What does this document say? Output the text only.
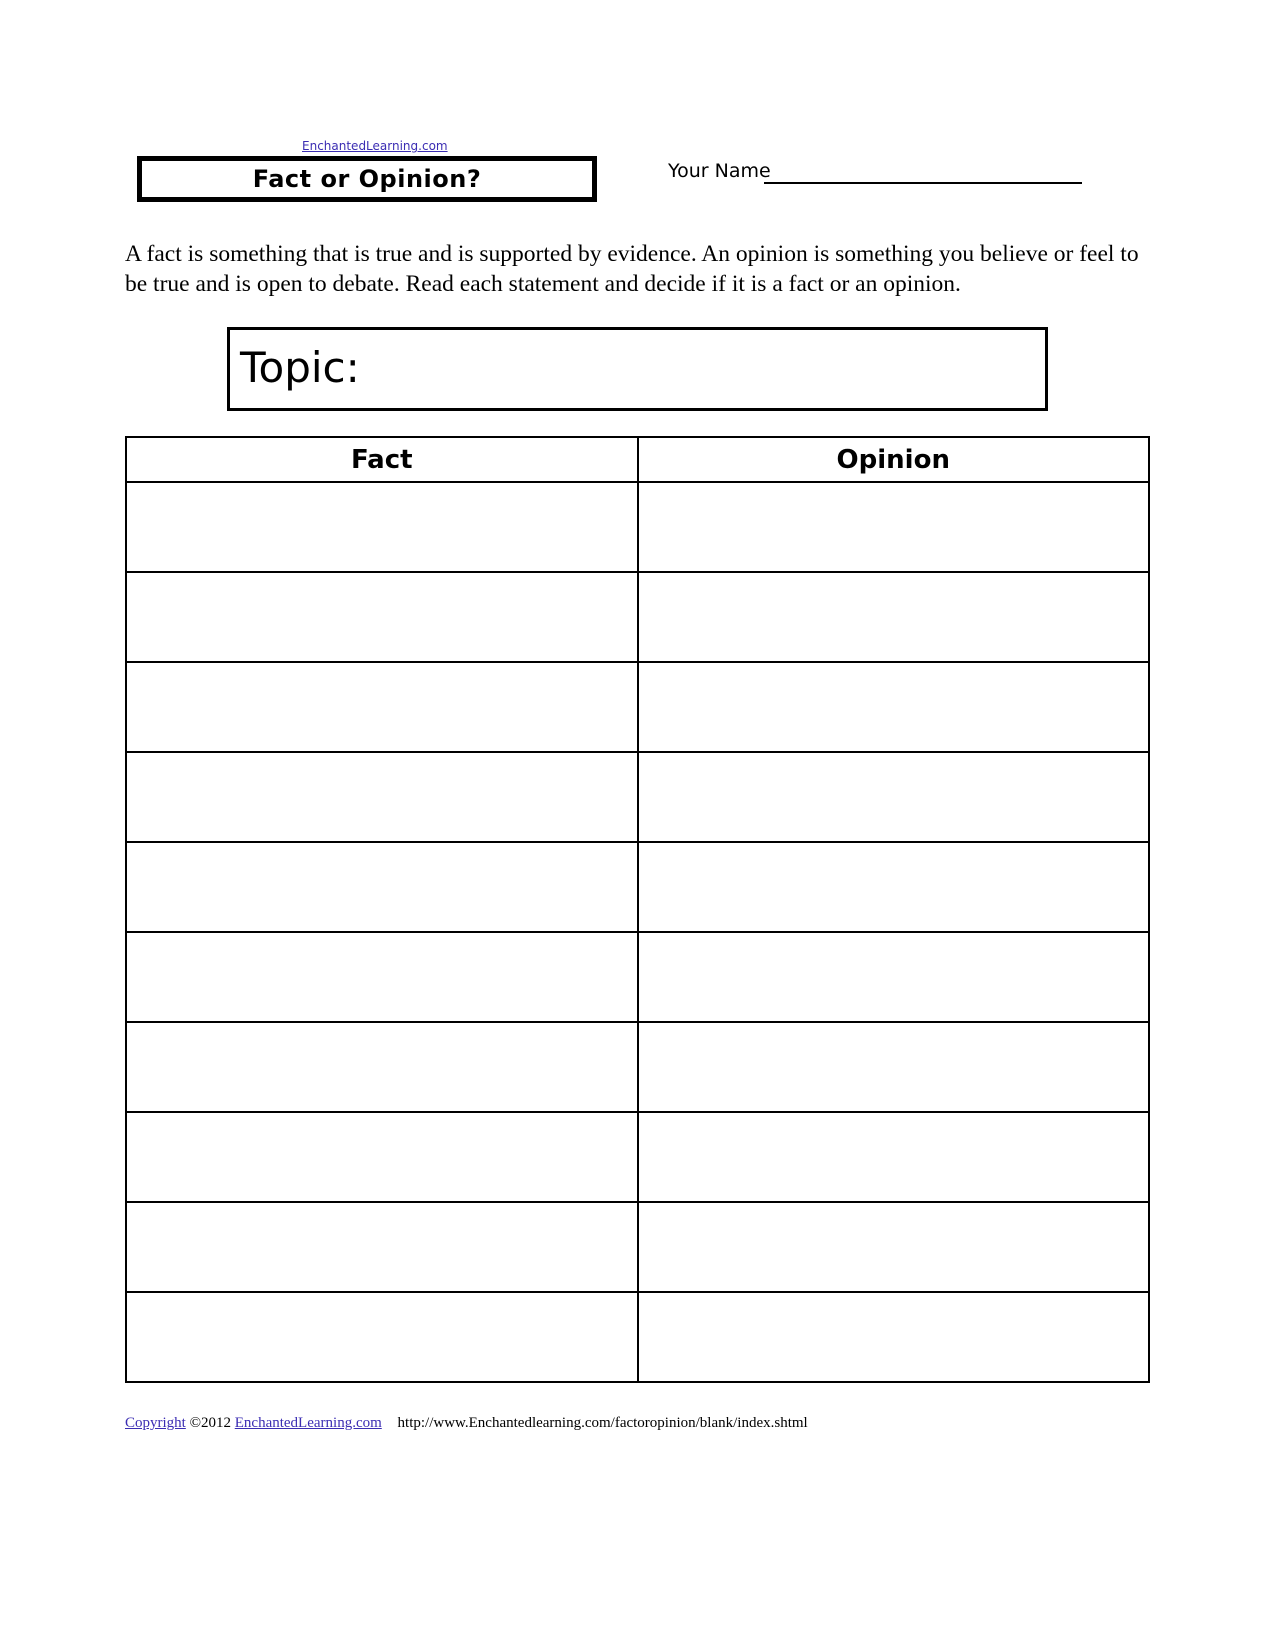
EnchantedLearning.com
Fact or Opinion?	Your Name
A fact is something that is true and is supported by evidence. An opinion is something you believe or feel to be true and is open to debate. Read each statement and decide if it is a fact or an opinion.
Topic:
Fact	Opinion

Copyright ©2012 EnchantedLearning.com http://www.Enchantedlearning.com/factoropinion/blank/index.shtml
